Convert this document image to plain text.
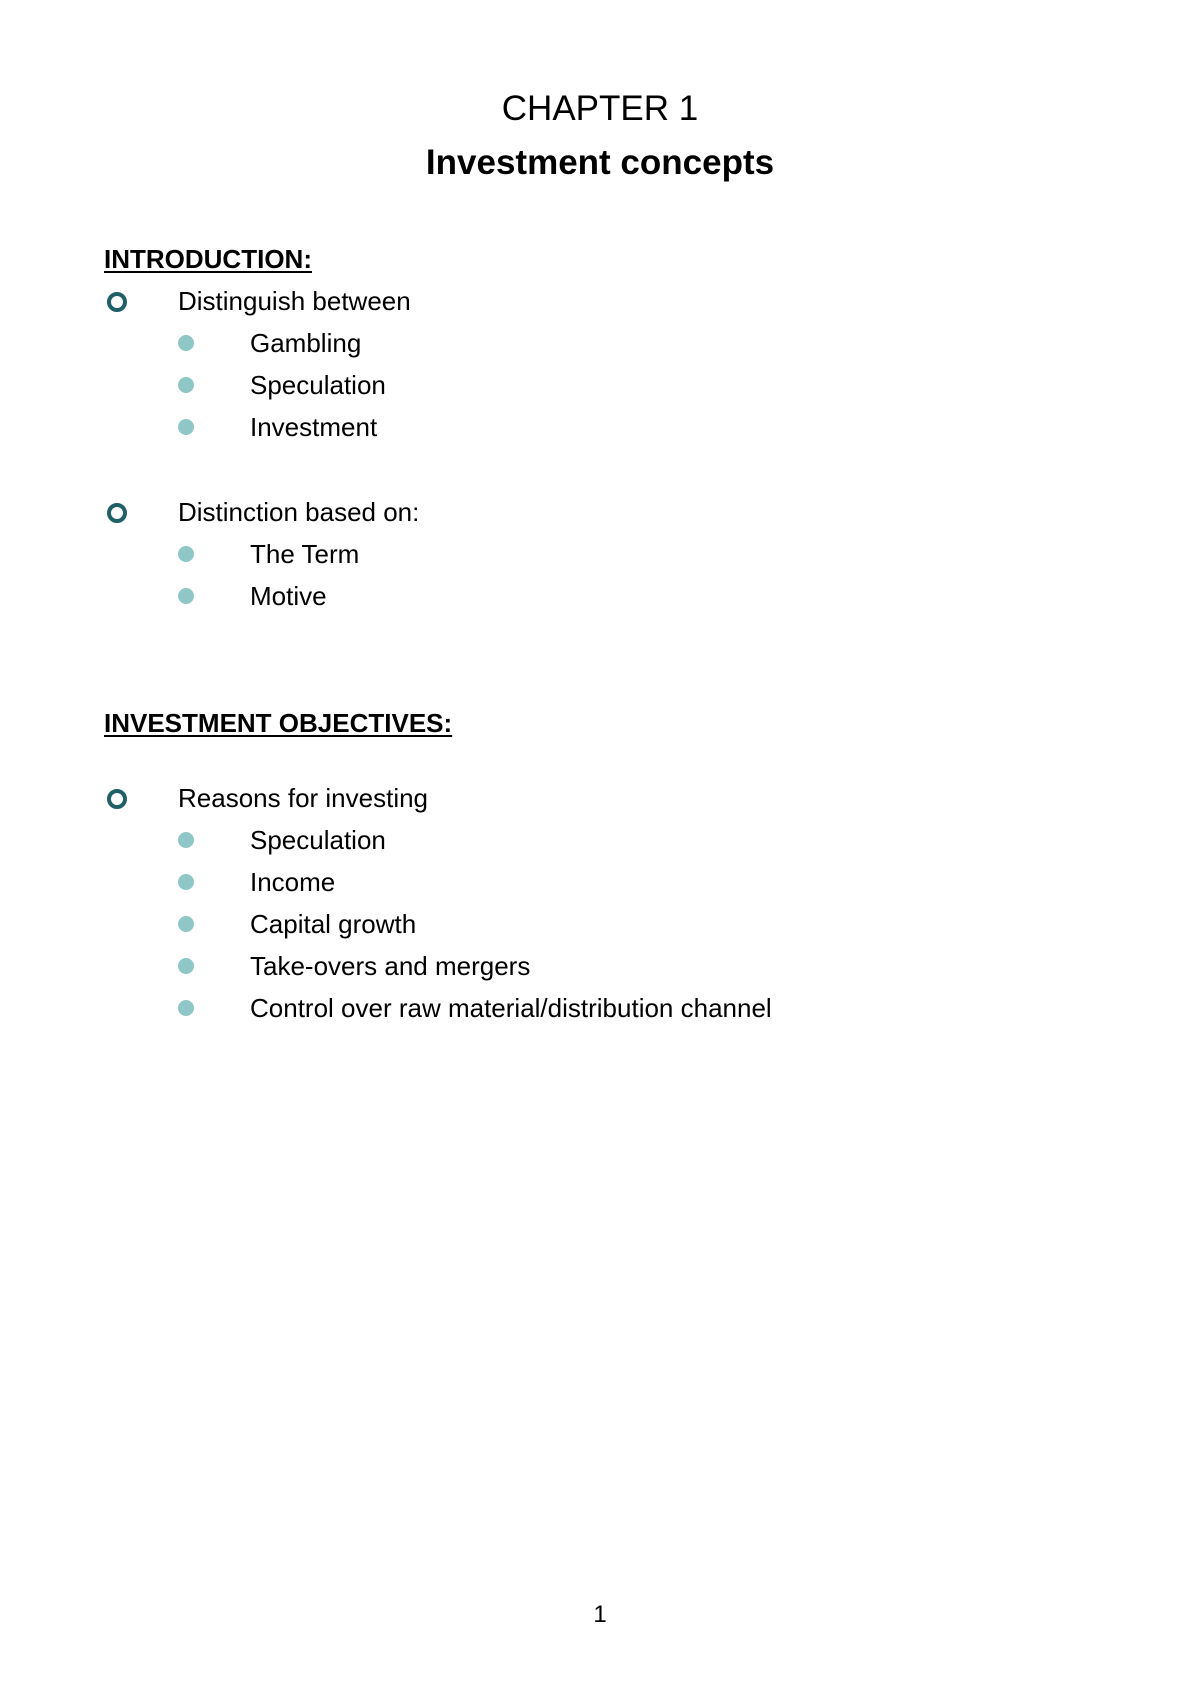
CHAPTER 1
Investment concepts
INTRODUCTION:
Distinguish between
Gambling
Speculation
Investment
Distinction based on:
The Term
Motive
INVESTMENT OBJECTIVES:
Reasons for investing
Speculation
Income
Capital growth
Take-overs and mergers
Control over raw material/distribution channel
1
